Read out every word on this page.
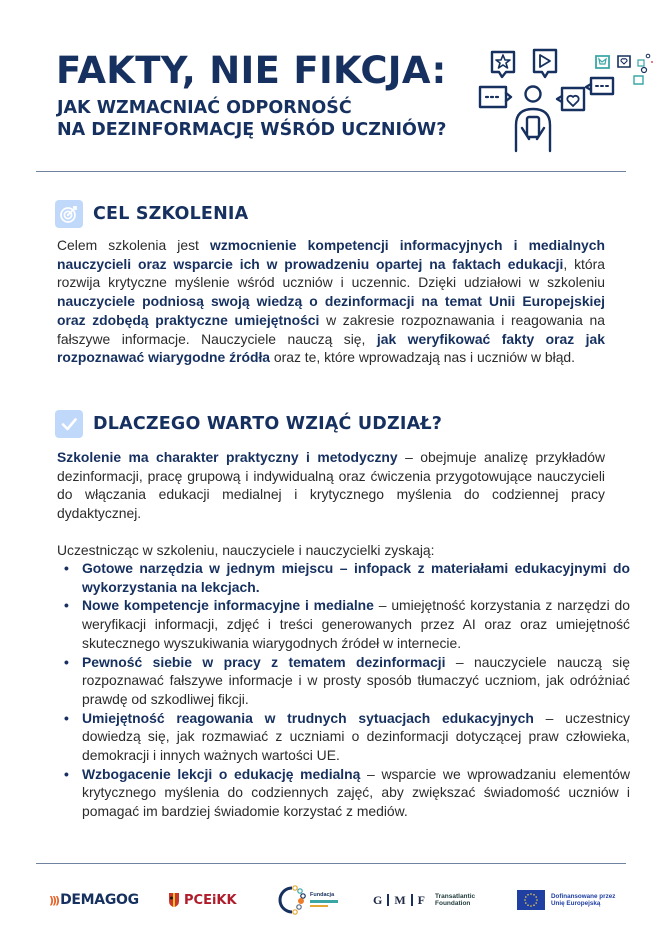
FAKTY, NIE FIKCJA:
JAK WZMACNIAĆ ODPORNOŚĆ
NA DEZINFORMACJĘ WŚRÓD UCZNIÓW?
CEL SZKOLENIA

Celem szkolenia jest wzmocnienie kompetencji informacyjnych i medialnych nauczycieli oraz wsparcie ich w prowadzeniu opartej na faktach edukacji, która rozwija krytyczne myślenie wśród uczniów i uczennic. Dzięki udziałowi w szkoleniu nauczyciele podniosą swoją wiedzą o dezinformacji na temat Unii Europejskiej oraz zdobędą praktyczne umiejętności w zakresie rozpoznawania i reagowania na fałszywe informacje. Nauczyciele nauczą się, jak weryfikować fakty oraz jak rozpoznawać wiarygodne źródła oraz te, które wprowadzają nas i uczniów w błąd.

DLACZEGO WARTO WZIĄĆ UDZIAŁ?

Szkolenie ma charakter praktyczny i metodyczny – obejmuje analizę przykładów dezinformacji, pracę grupową i indywidualną oraz ćwiczenia przygotowujące nauczycieli do włączania edukacji medialnej i krytycznego myślenia do codziennej pracy dydaktycznej.

Uczestnicząc w szkoleniu, nauczyciele i nauczycielki zyskają:

• Gotowe narzędzia w jednym miejscu – infopack z materiałami edukacyjnymi do wykorzystania na lekcjach.
• Nowe kompetencje informacyjne i medialne – umiejętność korzystania z narzędzi do weryfikacji informacji, zdjęć i treści generowanych przez AI oraz oraz umiejętność skutecznego wyszukiwania wiarygodnych źródeł w internecie.
• Pewność siebie w pracy z tematem dezinformacji – nauczyciele nauczą się rozpoznawać fałszywe informacje i w prosty sposób tłumaczyć uczniom, jak odróżniać prawdę od szkodliwej fikcji.
• Umiejętność reagowania w trudnych sytuacjach edukacyjnych – uczestnicy dowiedzą się, jak rozmawiać z uczniami o dezinformacji dotyczącej praw człowieka, demokracji i innych ważnych wartości UE.
• Wzbogacenie lekcji o edukację medialną – wsparcie we wprowadzaniu elementów krytycznego myślenia do codziennych zajęć, aby zwiększać świadomość uczniów i pomagać im bardziej świadomie korzystać z mediów.
))) DEMAGOG	PCEiKK	Fundacja	G M F Transatlantic
Foundation
Dofinansowane przez
Unię Europejską
